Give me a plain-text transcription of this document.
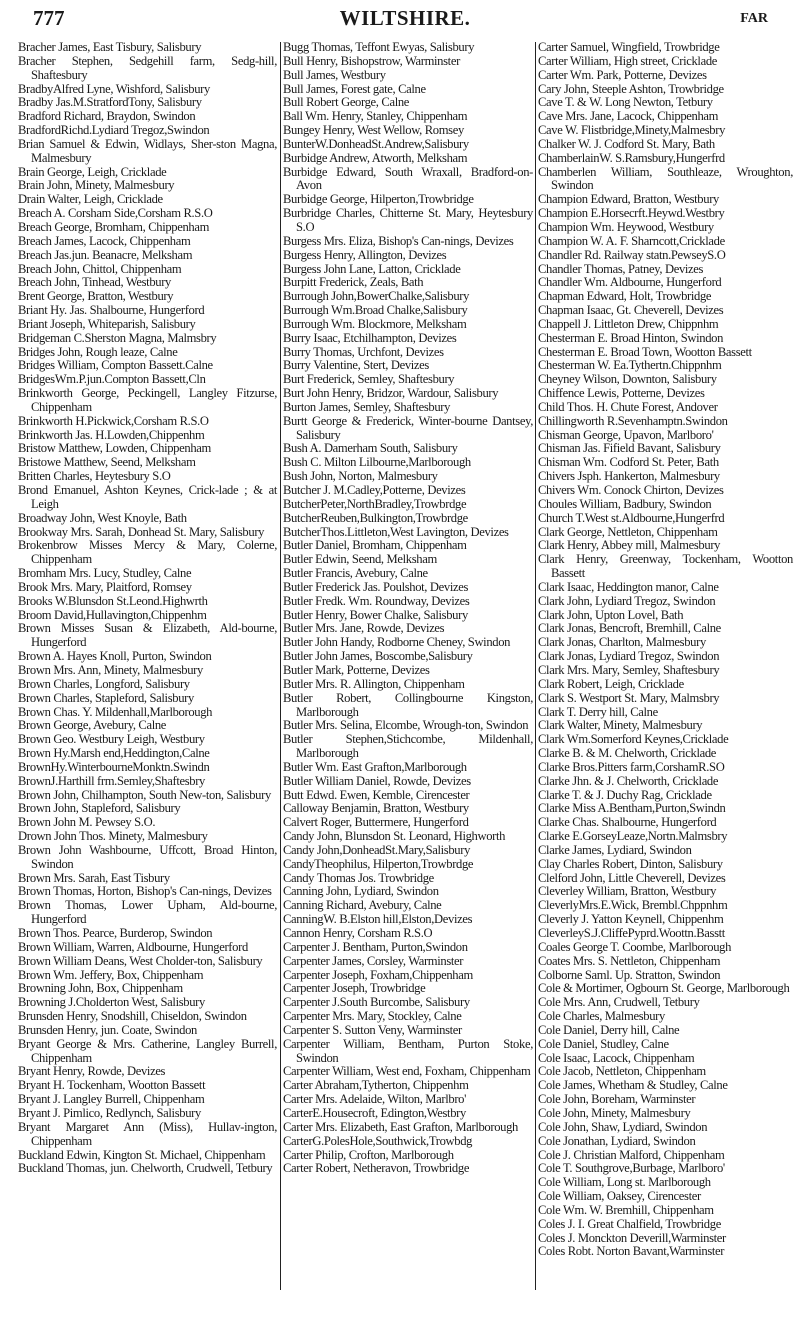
777	WILTSHIRE.	FAR
Bracher James, East Tisbury, Salisbury
Bracher Stephen, Sedgehill farm, Sedg-hill, Shaftesbury
BradbyAlfred Lyne, Wishford, Salisbury
Bradby Jas.M.StratfordTony, Salisbury
Bradford Richard, Braydon, Swindon
BradfordRichd.Lydiard Tregoz,Swindon
Brian Samuel & Edwin, Widlays, Sher-ston Magna, Malmesbury
Brain George, Leigh, Cricklade
Brain John, Minety, Malmesbury
Drain Walter, Leigh, Cricklade
Breach A. Corsham Side,Corsham R.S.O
Breach George, Bromham, Chippenham
Breach James, Lacock, Chippenham
Breach Jas.jun. Beanacre, Melksham
Breach John, Chittol, Chippenham
Breach John, Tinhead, Westbury
Brent George, Bratton, Westbury
Briant Hy. Jas. Shalbourne, Hungerford
Briant Joseph, Whiteparish, Salisbury
Bridgeman C.Sherston Magna, Malmsbry
Bridges John, Rough leaze, Calne
Bridges William, Compton Bassett.Calne
BridgesWm.P.jun.Compton Bassett,Cln
Brinkworth George, Peckingell, Langley Fitzurse, Chippenham
Brinkworth H.Pickwick,Corsham R.S.O
Brinkworth Jas. H.Lowden,Chippenhm
Bristow Matthew, Lowden, Chippenham
Bristowe Matthew, Seend, Melksham
Britten Charles, Heytesbury S.O
Brond Emanuel, Ashton Keynes, Crick-lade ; & at Leigh
Broadway John, West Knoyle, Bath
Brookway Mrs. Sarah, Donhead St. Mary, Salisbury
Brokenbrow Misses Mercy & Mary, Colerne, Chippenham
Bromham Mrs. Lucy, Studley, Calne
Brook Mrs. Mary, Plaitford, Romsey
Brooks W.Blunsdon St.Leond.Highwrth
Broom David,Hullavington,Chippenhm
Brown Misses Susan & Elizabeth, Ald-bourne, Hungerford
Brown A. Hayes Knoll, Purton, Swindon
Brown Mrs. Ann, Minety, Malmesbury
Brown Charles, Longford, Salisbury
Brown Charles, Stapleford, Salisbury
Brown Chas. Y. Mildenhall,Marlborough
Brown George, Avebury, Calne
Brown Geo. Westbury Leigh, Westbury
Brown Hy.Marsh end,Heddington,Calne
BrownHy.WinterbourneMonktn.Swindn
BrownJ.Harthill frm.Semley,Shaftesbry
Brown John, Chilhampton, South New-ton, Salisbury
Brown John, Stapleford, Salisbury
Brown John M. Pewsey S.O.
Drown John Thos. Minety, Malmesbury
Brown John Washbourne, Uffcott, Broad Hinton, Swindon
Brown Mrs. Sarah, East Tisbury
Brown Thomas, Horton, Bishop's Can-nings, Devizes
Brown Thomas, Lower Upham, Ald-bourne, Hungerford
Brown Thos. Pearce, Burderop, Swindon
Brown William, Warren, Aldbourne, Hungerford
Brown William Deans, West Cholder-ton, Salisbury
Brown Wm. Jeffery, Box, Chippenham
Browning John, Box, Chippenham
Browning J.Cholderton West, Salisbury
Brunsden Henry, Snodshill, Chiseldon, Swindon
Brunsden Henry, jun. Coate, Swindon
Bryant George & Mrs. Catherine, Langley Burrell, Chippenham
Bryant Henry, Rowde, Devizes
Bryant H. Tockenham, Wootton Bassett
Bryant J. Langley Burrell, Chippenham
Bryant J. Pimlico, Redlynch, Salisbury
Bryant Margaret Ann (Miss), Hullav-ington, Chippenham
Buckland Edwin, Kington St. Michael, Chippenham
Buckland Thomas, jun. Chelworth, Crudwell, Tetbury
Bugg Thomas, Teffont Ewyas, Salisbury
Bull Henry, Bishopstrow, Warminster
Bull James, Westbury
Bull James, Forest gate, Calne
Bull Robert George, Calne
Ball Wm. Henry, Stanley, Chippenham
Bungey Henry, West Wellow, Romsey
BunterW.DonheadSt.Andrew,Salisbury
Burbidge Andrew, Atworth, Melksham
Burbidge Edward, South Wraxall, Bradford-on-Avon
Burbidge George, Hilperton,Trowbridge
Burbridge Charles, Chitterne St. Mary, Heytesbury S.O
Burgess Mrs. Eliza, Bishop's Can-nings, Devizes
Burgess Henry, Allington, Devizes
Burgess John Lane, Latton, Cricklade
Burpitt Frederick, Zeals, Bath
Burrough John,BowerChalke,Salisbury
Burrough Wm.Broad Chalke,Salisbury
Burrough Wm. Blockmore, Melksham
Burry Isaac, Etchilhampton, Devizes
Burry Thomas, Urchfont, Devizes
Burry Valentine, Stert, Devizes
Burt Frederick, Semley, Shaftesbury
Burt John Henry, Bridzor, Wardour, Salisbury
Burton James, Semley, Shaftesbury
Burtt George & Frederick, Winter-bourne Dantsey, Salisbury
Bush A. Damerham South, Salisbury
Bush C. Milton Lilbourne,Marlborough
Bush John, Norton, Malmesbury
Butcher J. M.Cadley,Potterne, Devizes
ButcherPeter,NorthBradley,Trowbrdge
ButcherReuben,Bulkington,Trowbrdge
ButcherThos.Littleton,West Lavington, Devizes
Butler Daniel, Bromham, Chippenham
Butler Edwin, Seend, Melksham
Butler Francis, Avebury, Calne
Butler Frederick Jas. Poulshot, Devizes
Butler Fredk. Wm. Roundway, Devizes
Butler Henry, Bower Chalke, Salisbury
Butler Mrs. Jane, Rowde, Devizes
Butler John Handy, Rodborne Cheney, Swindon
Butler John James, Boscombe,Salisbury
Butler Mark, Potterne, Devizes
Butler Mrs. R. Allington, Chippenham
Butler Robert, Collingbourne Kingston, Marlborough
Butler Mrs. Selina, Elcombe, Wrough-ton, Swindon
Butler Stephen,Stichcombe, Mildenhall, Marlborough
Butler Wm. East Grafton,Marlborough
Butler William Daniel, Rowde, Devizes
Butt Edwd. Ewen, Kemble, Cirencester
Calloway Benjamin, Bratton, Westbury
Calvert Roger, Buttermere, Hungerford
Candy John, Blunsdon St. Leonard, Highworth
Candy John,DonheadSt.Mary,Salisbury
CandyTheophilus, Hilperton,Trowbrdge
Candy Thomas Jos. Trowbridge
Canning John, Lydiard, Swindon
Canning Richard, Avebury, Calne
CanningW. B.Elston hill,Elston,Devizes
Cannon Henry, Corsham R.S.O
Carpenter J. Bentham, Purton,Swindon
Carpenter James, Corsley, Warminster
Carpenter Joseph, Foxham,Chippenham
Carpenter Joseph, Trowbridge
Carpenter J.South Burcombe, Salisbury
Carpenter Mrs. Mary, Stockley, Calne
Carpenter S. Sutton Veny, Warminster
Carpenter William, Bentham, Purton Stoke, Swindon
Carpenter William, West end, Foxham, Chippenham
Carter Abraham,Tytherton, Chippenhm
Carter Mrs. Adelaide, Wilton, Marlbro'
CarterE.Housecroft, Edington,Westbry
Carter Mrs. Elizabeth, East Grafton, Marlborough
CarterG.PolesHole,Southwick,Trowbdg
Carter Philip, Crofton, Marlborough
Carter Robert, Netheravon, Trowbridge
Carter Samuel, Wingfield, Trowbridge
Carter William, High street, Cricklade
Carter Wm. Park, Potterne, Devizes
Cary John, Steeple Ashton, Trowbridge
Cave T. & W. Long Newton, Tetbury
Cave Mrs. Jane, Lacock, Chippenham
Cave W. Flistbridge,Minety,Malmesbry
Chalker W. J. Codford St. Mary, Bath
ChamberlainW. S.Ramsbury,Hungerfrd
Chamberlen William, Southleaze, Wroughton, Swindon
Champion Edward, Bratton, Westbury
Champion E.Horsecrft.Heywd.Westbry
Champion Wm. Heywood, Westbury
Champion W. A. F. Sharncott,Cricklade
Chandler Rd. Railway statn.PewseyS.O
Chandler Thomas, Patney, Devizes
Chandler Wm. Aldbourne, Hungerford
Chapman Edward, Holt, Trowbridge
Chapman Isaac, Gt. Cheverell, Devizes
Chappell J. Littleton Drew, Chippnhm
Chesterman E. Broad Hinton, Swindon
Chesterman E. Broad Town, Wootton Bassett
Chesterman W. Ea.Tythertn.Chippnhm
Cheyney Wilson, Downton, Salisbury
Chiffence Lewis, Potterne, Devizes
Child Thos. H. Chute Forest, Andover
Chillingworth R.Sevenhamptn.Swindon
Chisman George, Upavon, Marlboro'
Chisman Jas. Fifield Bavant, Salisbury
Chisman Wm. Codford St. Peter, Bath
Chivers Jsph. Hankerton, Malmesbury
Chivers Wm. Conock Chirton, Devizes
Choules William, Badbury, Swindon
Church T.West st.Aldbourne,Hungerfrd
Clark George, Nettleton, Chippenham
Clark Henry, Abbey mill, Malmesbury
Clark Henry, Greenway, Tockenham, Wootton Bassett
Clark Isaac, Heddington manor, Calne
Clark John, Lydiard Tregoz, Swindon
Clark John, Upton Lovel, Bath
Clark Jonas, Bencroft, Bremhill, Calne
Clark Jonas, Charlton, Malmesbury
Clark Jonas, Lydiard Tregoz, Swindon
Clark Mrs. Mary, Semley, Shaftesbury
Clark Robert, Leigh, Cricklade
Clark S. Westport St. Mary, Malmsbry
Clark T. Derry hill, Calne
Clark Walter, Minety, Malmesbury
Clark Wm.Somerford Keynes,Cricklade
Clarke B. & M. Chelworth, Cricklade
Clarke Bros.Pitters farm,CorshamR.SO
Clarke Jhn. & J. Chelworth, Cricklade
Clarke T. & J. Duchy Rag, Cricklade
Clarke Miss A.Bentham,Purton,Swindn
Clarke Chas. Shalbourne, Hungerford
Clarke E.GorseyLeaze,Nortn.Malmsbry
Clarke James, Lydiard, Swindon
Clay Charles Robert, Dinton, Salisbury
Clelford John, Little Cheverell, Devizes
Cleverley William, Bratton, Westbury
CleverlyMrs.E.Wick, Brembl.Chppnhm
Cleverly J. Yatton Keynell, Chippenhm
CleverleyS.J.CliffePyprd.Woottn.Basstt
Coales George T. Coombe, Marlborough
Coates Mrs. S. Nettleton, Chippenham
Colborne Saml. Up. Stratton, Swindon
Cole & Mortimer, Ogbourn St. George, Marlborough
Cole Mrs. Ann, Crudwell, Tetbury
Cole Charles, Malmesbury
Cole Daniel, Derry hill, Calne
Cole Daniel, Studley, Calne
Cole Isaac, Lacock, Chippenham
Cole Jacob, Nettleton, Chippenham
Cole James, Whetham & Studley, Calne
Cole John, Boreham, Warminster
Cole John, Minety, Malmesbury
Cole John, Shaw, Lydiard, Swindon
Cole Jonathan, Lydiard, Swindon
Cole J. Christian Malford, Chippenham
Cole T. Southgrove,Burbage, Marlboro'
Cole William, Long st. Marlborough
Cole William, Oaksey, Cirencester
Cole Wm. W. Bremhill, Chippenham
Coles J. I. Great Chalfield, Trowbridge
Coles J. Monckton Deverill,Warminster
Coles Robt. Norton Bavant,Warminster
